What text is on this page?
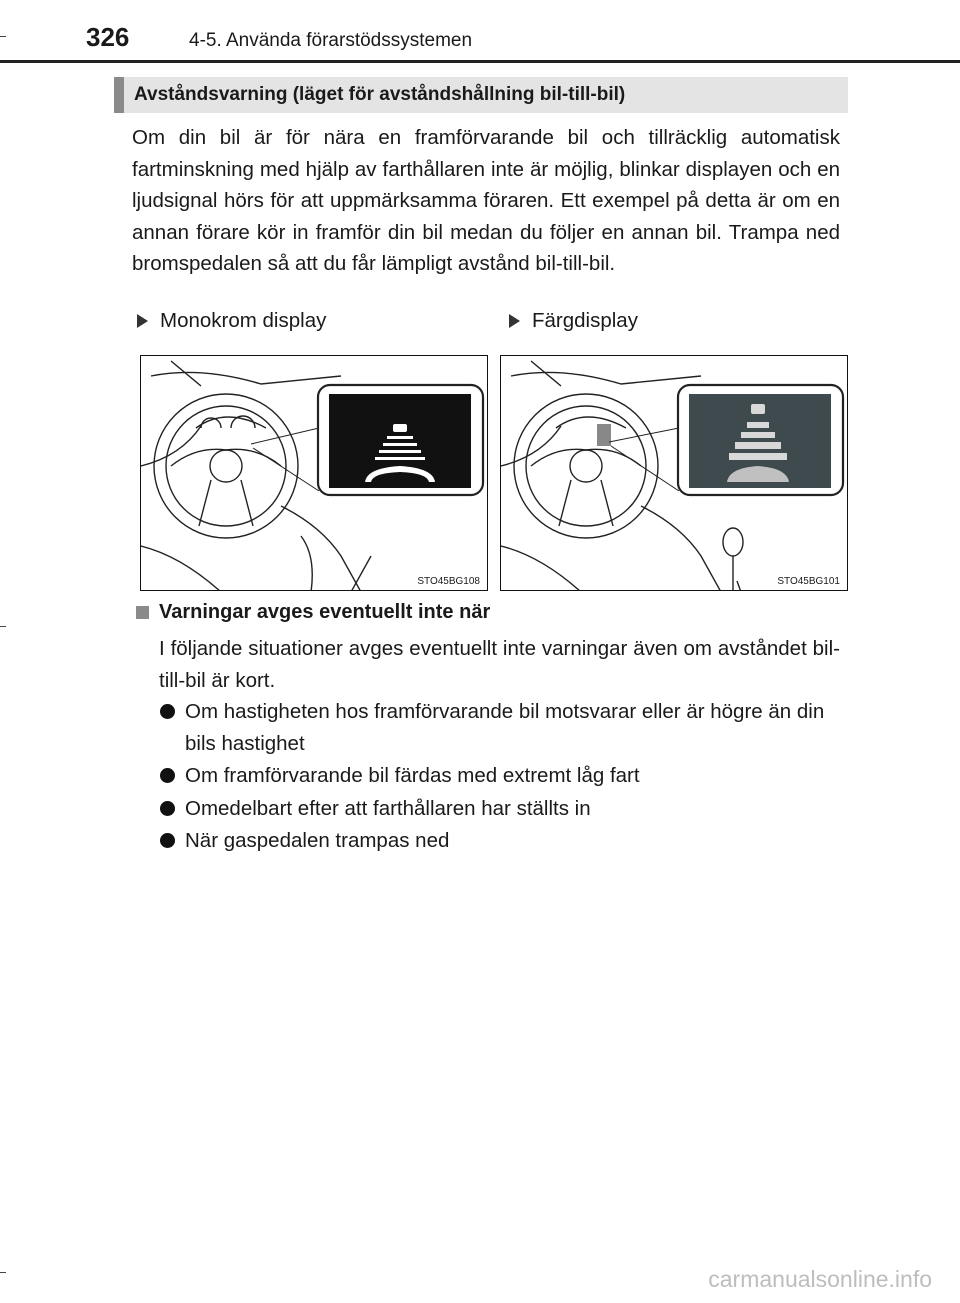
326	4-5. Använda förarstödssystemen
Avståndsvarning (läget för avståndshållning bil-till-bil)

Om din bil är för nära en framförvarande bil och tillräcklig automatisk fartminskning med hjälp av farthållaren inte är möjlig, blinkar displayen och en ljudsignal hörs för att uppmärksamma föraren. Ett exempel på detta är om en annan förare kör in framför din bil medan du följer en annan bil. Trampa ned bromspedalen så att du får lämpligt avstånd bil-till-bil.

Monokrom display	Färgdisplay
STO45BG108	STO45BG101
Varningar avges eventuellt inte när

I följande situationer avges eventuellt inte varningar även om avståndet bil-till-bil är kort.

Om hastigheten hos framförvarande bil motsvarar eller är högre än din bils hastighet
Om framförvarande bil färdas med extremt låg fart
Omedelbart efter att farthållaren har ställts in
När gaspedalen trampas ned
carmanualsonline.info
